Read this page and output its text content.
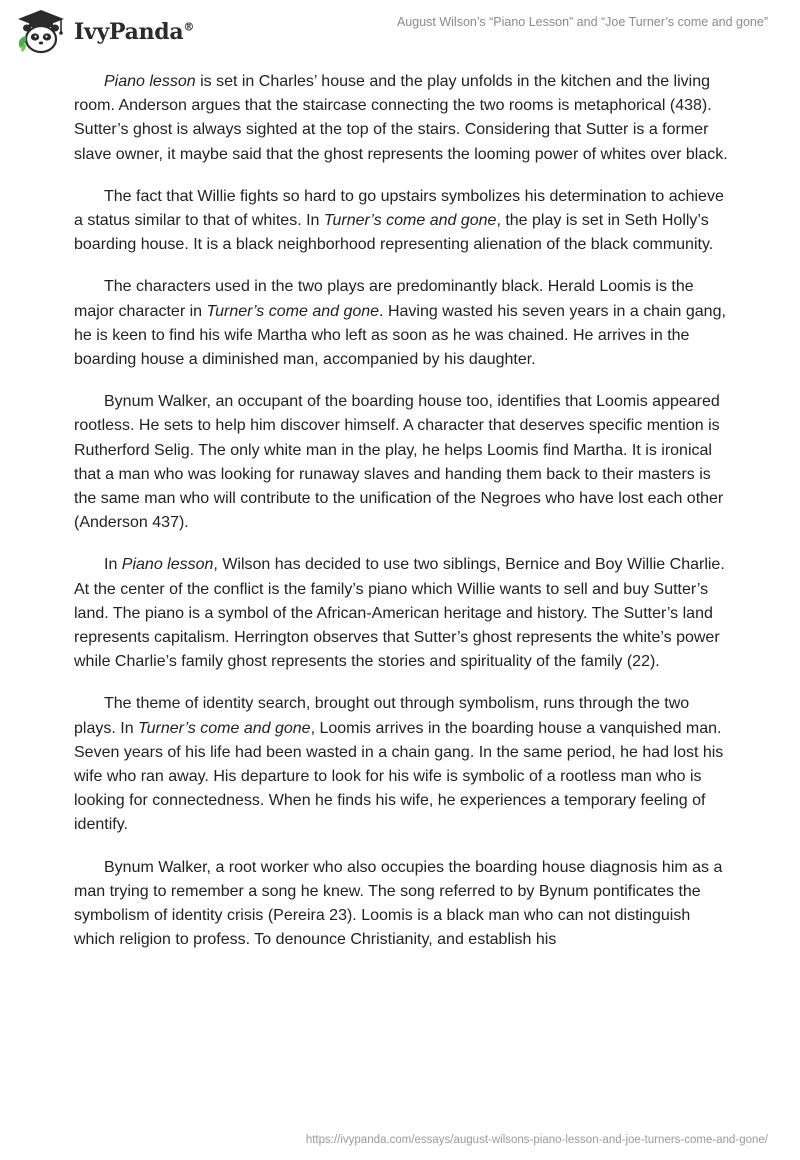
IvyPanda®	August Wilson’s “Piano Lesson” and “Joe Turner’s come and gone”

Piano lesson is set in Charles’ house and the play unfolds in the kitchen and the living room. Anderson argues that the staircase connecting the two rooms is metaphorical (438). Sutter’s ghost is always sighted at the top of the stairs. Considering that Sutter is a former slave owner, it maybe said that the ghost represents the looming power of whites over black.

The fact that Willie fights so hard to go upstairs symbolizes his determination to achieve a status similar to that of whites. In Turner’s come and gone, the play is set in Seth Holly’s boarding house. It is a black neighborhood representing alienation of the black community.

The characters used in the two plays are predominantly black. Herald Loomis is the major character in Turner’s come and gone. Having wasted his seven years in a chain gang, he is keen to find his wife Martha who left as soon as he was chained. He arrives in the boarding house a diminished man, accompanied by his daughter.

Bynum Walker, an occupant of the boarding house too, identifies that Loomis appeared rootless. He sets to help him discover himself. A character that deserves specific mention is Rutherford Selig. The only white man in the play, he helps Loomis find Martha. It is ironical that a man who was looking for runaway slaves and handing them back to their masters is the same man who will contribute to the unification of the Negroes who have lost each other (Anderson 437).

In Piano lesson, Wilson has decided to use two siblings, Bernice and Boy Willie Charlie. At the center of the conflict is the family’s piano which Willie wants to sell and buy Sutter’s land. The piano is a symbol of the African-American heritage and history. The Sutter’s land represents capitalism. Herrington observes that Sutter’s ghost represents the white’s power while Charlie’s family ghost represents the stories and spirituality of the family (22).

The theme of identity search, brought out through symbolism, runs through the two plays. In Turner’s come and gone, Loomis arrives in the boarding house a vanquished man. Seven years of his life had been wasted in a chain gang. In the same period, he had lost his wife who ran away. His departure to look for his wife is symbolic of a rootless man who is looking for connectedness. When he finds his wife, he experiences a temporary feeling of identify.

Bynum Walker, a root worker who also occupies the boarding house diagnosis him as a man trying to remember a song he knew. The song referred to by Bynum pontificates the symbolism of identity crisis (Pereira 23). Loomis is a black man who can not distinguish which religion to profess. To denounce Christianity, and establish his

https://ivypanda.com/essays/august-wilsons-piano-lesson-and-joe-turners-come-and-gone/
